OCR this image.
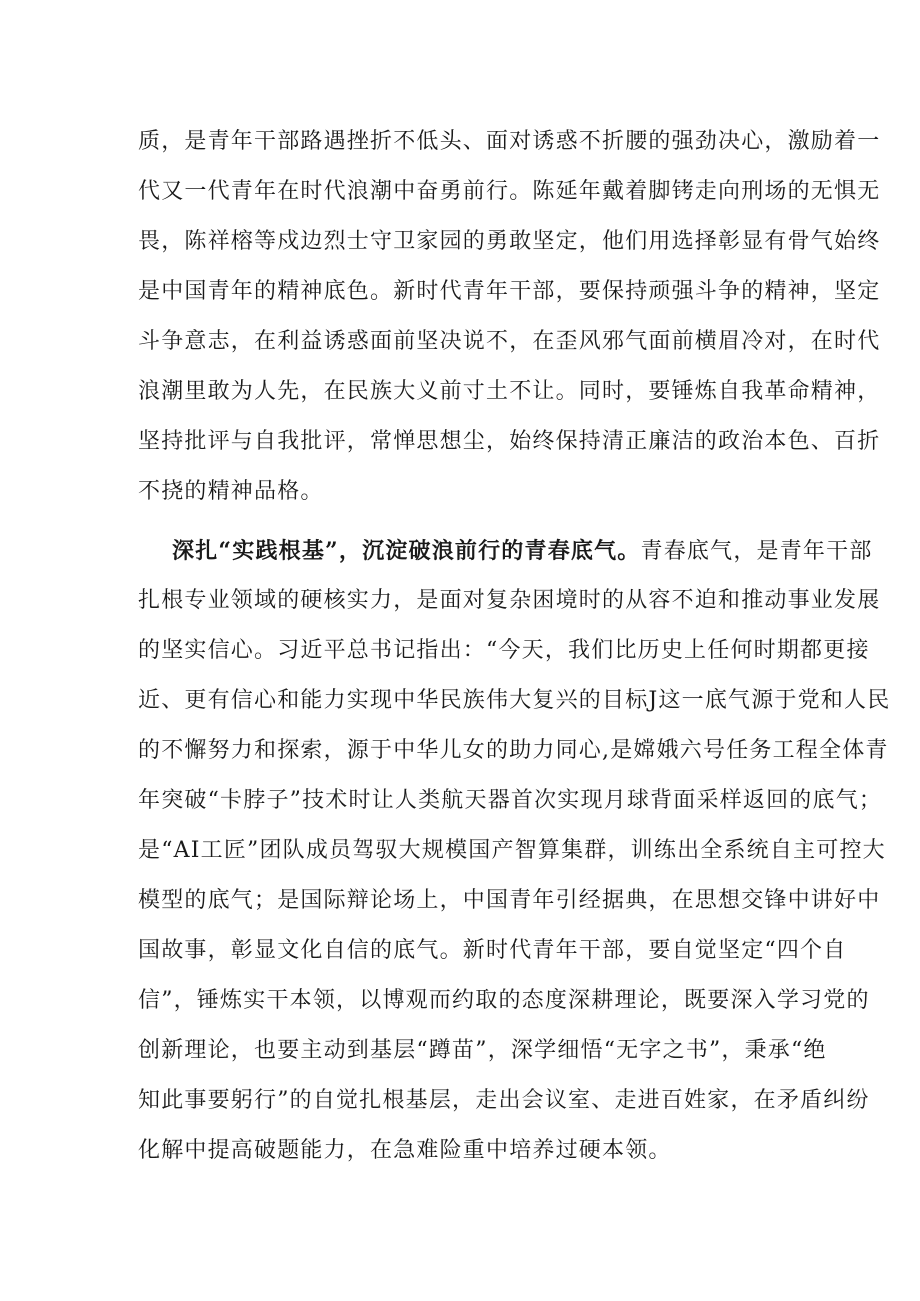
质，是青年干部路遇挫折不低头、面对诱惑不折腰的强劲决心，激励着一
代又一代青年在时代浪潮中奋勇前行。陈延年戴着脚铐走向刑场的无惧无
畏，陈祥榕等戍边烈士守卫家园的勇敢坚定，他们用选择彰显有骨气始终
是中国青年的精神底色。新时代青年干部，要保持顽强斗争的精神，坚定
斗争意志，在利益诱惑面前坚决说不，在歪风邪气面前横眉冷对，在时代
浪潮里敢为人先，在民族大义前寸土不让。同时，要锤炼自我革命精神，
坚持批评与自我批评，常惮思想尘，始终保持清正廉洁的政治本色、百折
不挠的精神品格。
深扎“实践根基”，沉淀破浪前行的青春底气。青春底气，是青年干部
扎根专业领域的硬核实力，是面对复杂困境时的从容不迫和推动事业发展
的坚实信心。习近平总书记指出：“今天，我们比历史上任何时期都更接
近、更有信心和能力实现中华民族伟大复兴的目标J这一底气源于党和人民
的不懈努力和探索，源于中华儿女的助力同心,是嫦娥六号任务工程全体青
年突破“卡脖子”技术时让人类航天器首次实现月球背面采样返回的底气；
是“AI工匠”团队成员驾驭大规模国产智算集群，训练出全系统自主可控大
模型的底气；是国际辩论场上，中国青年引经据典，在思想交锋中讲好中
国故事，彰显文化自信的底气。新时代青年干部，要自觉坚定“四个自
信”，锤炼实干本领，以博观而约取的态度深耕理论，既要深入学习党的
创新理论，也要主动到基层“蹲苗”，深学细悟“无字之书”，秉承“绝
知此事要躬行”的自觉扎根基层，走出会议室、走进百姓家，在矛盾纠纷
化解中提高破题能力，在急难险重中培养过硬本领。
